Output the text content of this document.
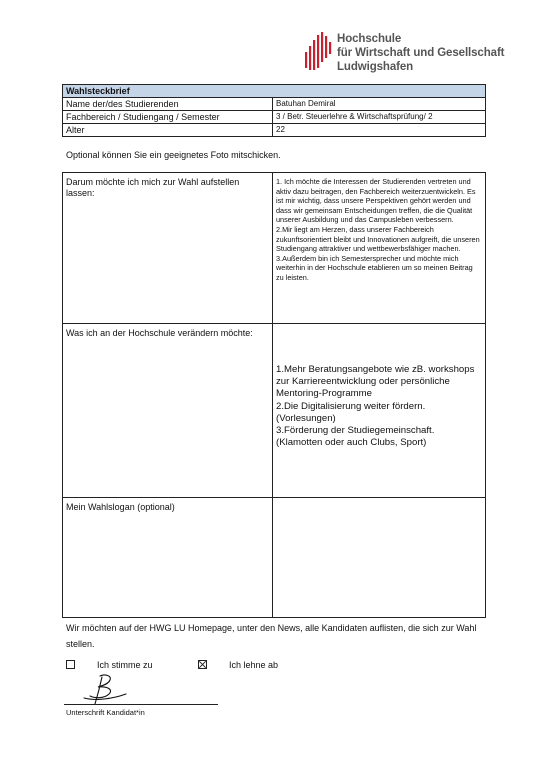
Hochschule
für Wirtschaft und Gesellschaft
Ludwigshafen
Wahlsteckbrief	
Name der/des Studierenden	Batuhan Demiral
Fachbereich / Studiengang / Semester	3 / Betr. Steuerlehre & Wirtschaftsprüfung/ 2
Alter	22
Optional können Sie ein geeignetes Foto mitschicken.
Darum möchte ich mich zur Wahl aufstellen lassen:	1. Ich möchte die Interessen der Studierenden vertreten und aktiv dazu beitragen, den Fachbereich weiterzuentwickeln. Es ist mir wichtig, dass unsere Perspektiven gehört werden und dass wir gemeinsam Entscheidungen treffen, die die Qualität unserer Ausbildung und das Campusleben verbessern.
2.Mir liegt am Herzen, dass unserer Fachbereich zukunftsorientiert bleibt und Innovationen aufgreift, die unseren Studiengang attraktiver und wettbewerbsfähiger machen.
3.Außerdem bin ich Semestersprecher und möchte mich weiterhin in der Hochschule etablieren um so meinen Beitrag zu leisten.

Was ich an der Hochschule verändern möchte:	1.Mehr Beratungsangebote wie zB. workshops zur Karriereentwicklung oder persönliche Mentoring-Programme
2.Die Digitalisierung weiter fördern. (Vorlesungen)
3.Förderung der Studiegemeinschaft. (Klamotten oder auch Clubs, Sport)

Mein Wahlslogan (optional)	
Wir möchten auf der HWG LU Homepage, unter den News, alle Kandidaten auflisten, die sich zur Wahl stellen.
Ich stimme zu	Ich lehne ab
Unterschrift Kandidat*in
